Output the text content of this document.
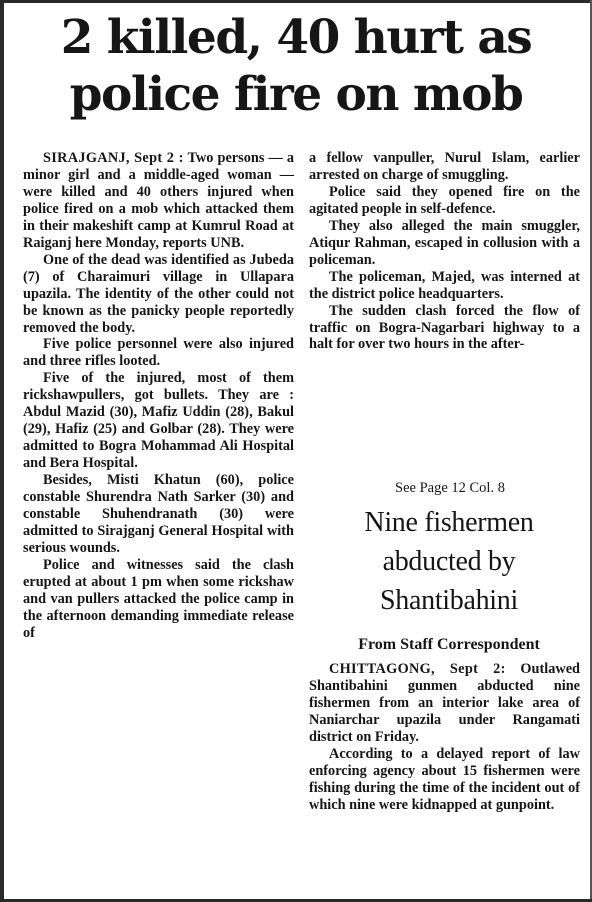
2 killed, 40 hurt as
police fire on mob

SIRAJGANJ, Sept 2 : Two persons — a minor girl and a middle-aged woman — were killed and 40 others injured when police fired on a mob which attacked them in their makeshift camp at Kumrul Road at Raiganj here Monday, reports UNB.

One of the dead was identified as Jubeda (7) of Charaimuri village in Ullapara upazila. The identity of the other could not be known as the panicky people reportedly removed the body.

Five police personnel were also injured and three rifles looted.

Five of the injured, most of them rickshawpullers, got bullets. They are : Abdul Mazid (30), Mafiz Uddin (28), Bakul (29), Hafiz (25) and Golbar (28). They were admitted to Bogra Mohammad Ali Hospital and Bera Hospital.

Besides, Misti Khatun (60), police constable Shurendra Nath Sarker (30) and constable Shuhendranath (30) were admitted to Sirajganj General Hospital with serious wounds.

Police and witnesses said the clash erupted at about 1 pm when some rickshaw and van pullers attacked the police camp in the afternoon demanding immediate release of

a fellow vanpuller, Nurul Islam, earlier arrested on charge of smuggling.

Police said they opened fire on the agitated people in self-defence.

They also alleged the main smuggler, Atiqur Rahman, escaped in collusion with a policeman.

The policeman, Majed, was interned at the district police headquarters.

The sudden clash forced the flow of traffic on Bogra-Nagarbari highway to a halt for over two hours in the after-

See Page 12 Col. 8
Nine fishermen
abducted by
Shantibahini
From Staff Correspondent

CHITTAGONG, Sept 2: Outlawed Shantibahini gunmen abducted nine fishermen from an interior lake area of Naniarchar upazila under Rangamati district on Friday.

According to a delayed report of law enforcing agency about 15 fishermen were fishing during the time of the incident out of which nine were kidnapped at gunpoint.
